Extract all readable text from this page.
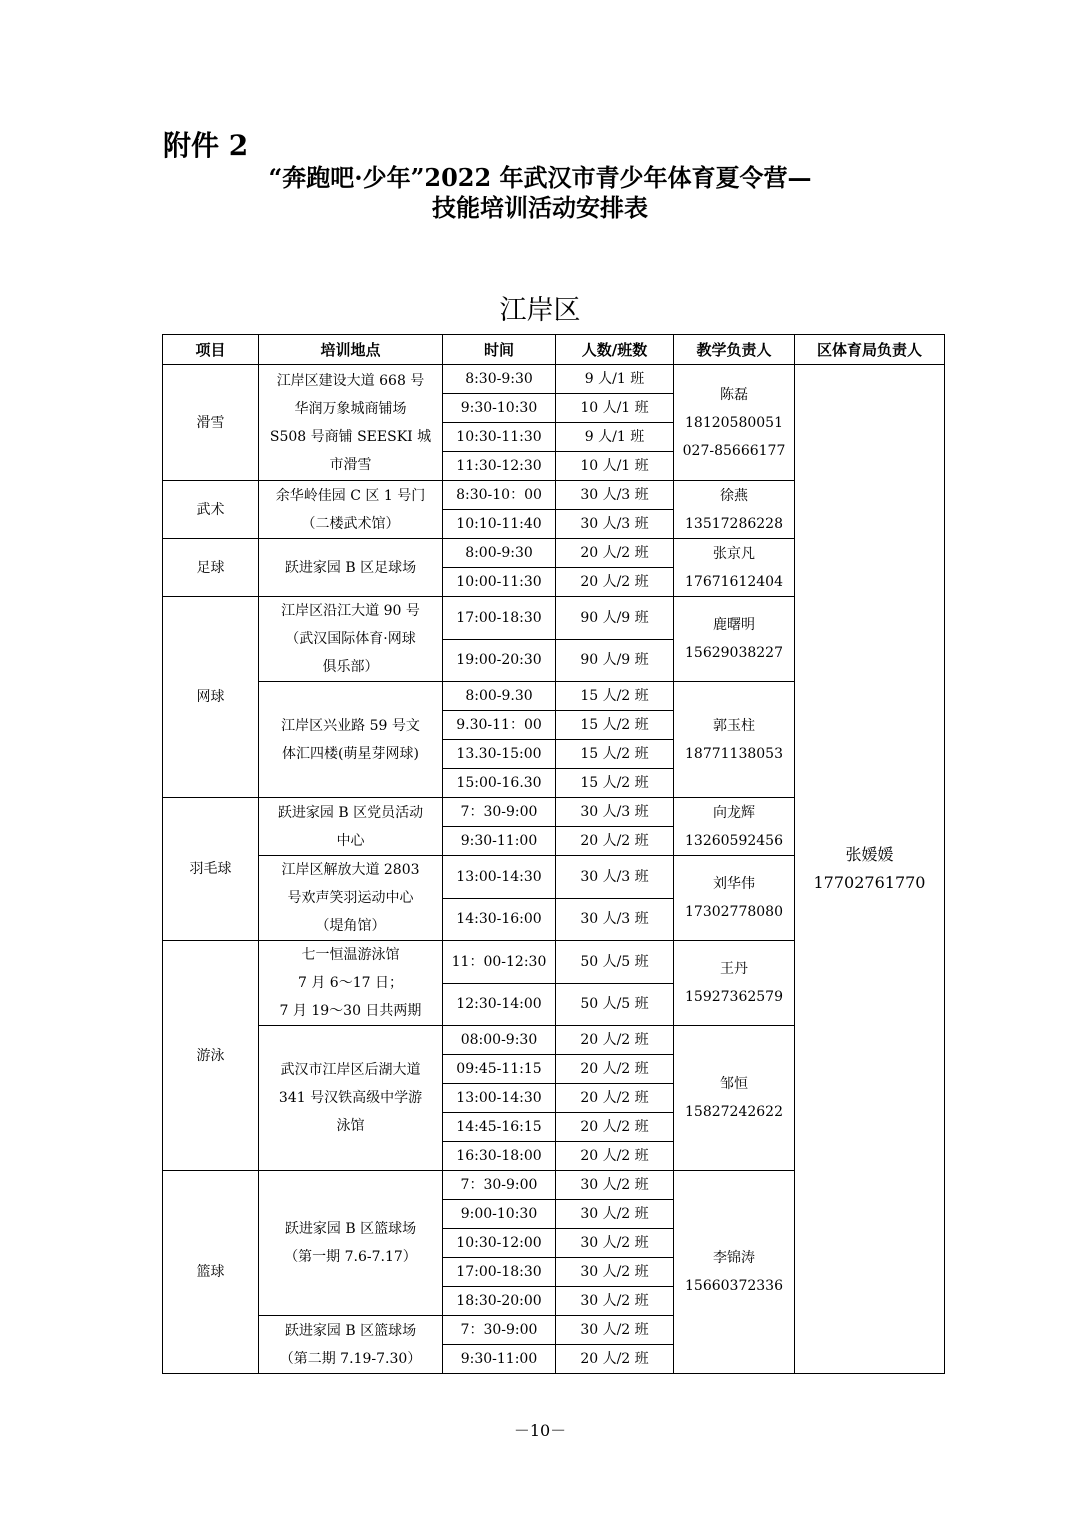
附件 2
“奔跑吧·少年”2022 年武汉市青少年体育夏令营—
技能培训活动安排表
江岸区
项目	培训地点	时间	人数/班数	教学负责人	区体育局负责人
滑雪	江岸区建设大道 668 号
华润万象城商铺场
S508 号商铺 SEESKI 城
市滑雪	8:30-9:30	9 人/1 班	陈磊
18120580051
027-85666177	张媛媛
17702761770

		9:30-10:30	10 人/1 班		
		10:30-11:30	9 人/1 班		
		11:30-12:30	10 人/1 班		
武术	余华岭佳园 C 区 1 号门
（二楼武术馆）	8:30-10：00	30 人/3 班	徐燕
13517286228	

		10:10-11:40	30 人/3 班		
足球	跃进家园 B 区足球场	8:00-9:30	20 人/2 班	张京凡
17671612404	

		10:00-11:30	20 人/2 班		
网球	江岸区沿江大道 90 号
（武汉国际体育·网球
俱乐部）	17:00-18:30	90 人/9 班	鹿曙明
15629038227	

		19:00-20:30	90 人/9 班		

	江岸区兴业路 59 号文
体汇四楼(萌星芽网球)	8:00-9.30	15 人/2 班	郭玉柱
18771138053	

		9.30-11：00	15 人/2 班		
		13.30-15:00	15 人/2 班		
		15:00-16.30	15 人/2 班		
羽毛球	跃进家园 B 区党员活动
中心	7：30-9:00	30 人/3 班	向龙辉
13260592456	

		9:30-11:00	20 人/2 班		

	江岸区解放大道 2803
号欢声笑羽运动中心
（堤角馆）	13:00-14:30	30 人/3 班	刘华伟
17302778080	

		14:30-16:00	30 人/3 班		
游泳	七一恒温游泳馆
7 月 6～17 日；
7 月 19～30 日共两期	11：00-12:30	50 人/5 班	王丹
15927362579	

		12:30-14:00	50 人/5 班		

	武汉市江岸区后湖大道
341 号汉铁高级中学游
泳馆	08:00-9:30	20 人/2 班	邹恒
15827242622	

		09:45-11:15	20 人/2 班		
		13:00-14:30	20 人/2 班		
		14:45-16:15	20 人/2 班		
		16:30-18:00	20 人/2 班		
篮球	跃进家园 B 区篮球场
（第一期 7.6-7.17）	7：30-9:00	30 人/2 班	李锦涛
15660372336	

		9:00-10:30	30 人/2 班		
		10:30-12:00	30 人/2 班		
		17:00-18:30	30 人/2 班		
		18:30-20:00	30 人/2 班		

	跃进家园 B 区篮球场
（第二期 7.19-7.30）	7：30-9:00	30 人/2 班		
		9:30-11:00	20 人/2 班		
－10－
